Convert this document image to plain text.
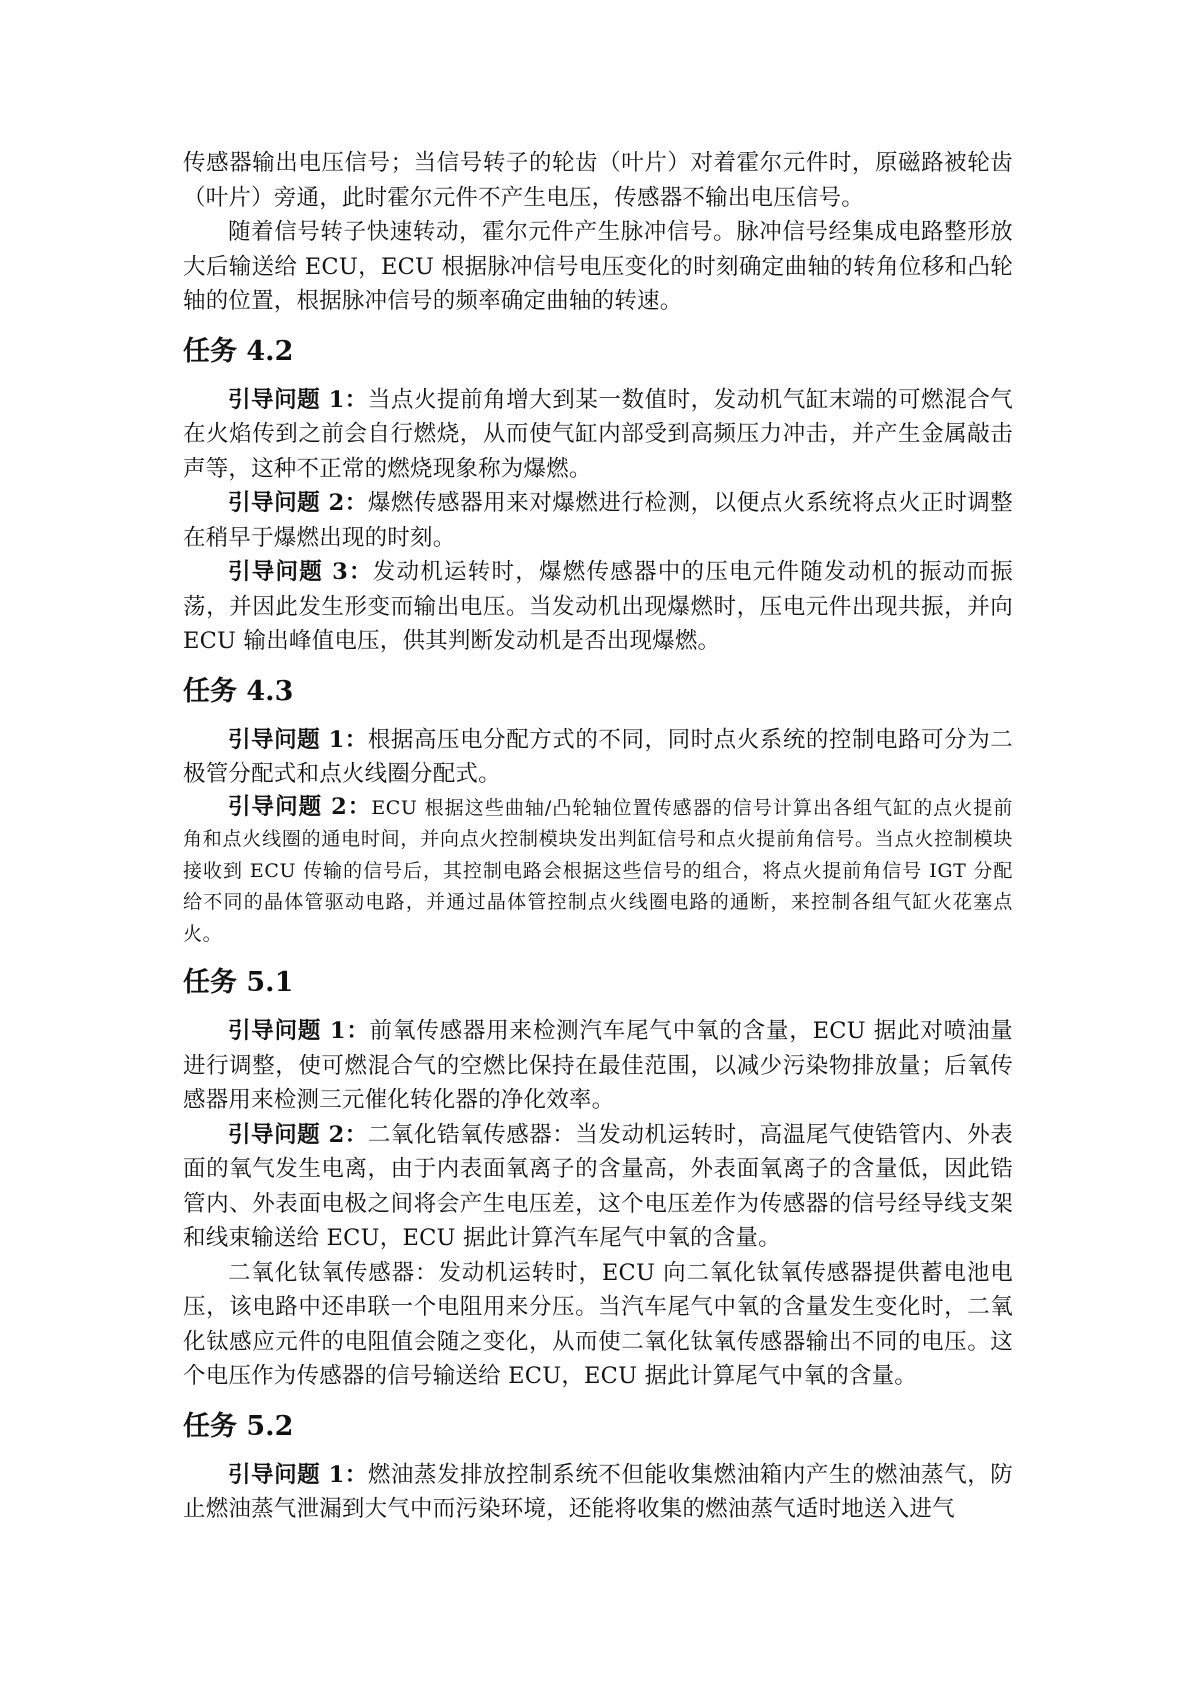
传感器输出电压信号；当信号转子的轮齿（叶片）对着霍尔元件时，原磁路被轮齿（叶片）旁通，此时霍尔元件不产生电压，传感器不输出电压信号。

随着信号转子快速转动，霍尔元件产生脉冲信号。脉冲信号经集成电路整形放大后输送给 ECU，ECU 根据脉冲信号电压变化的时刻确定曲轴的转角位移和凸轮轴的位置，根据脉冲信号的频率确定曲轴的转速。

任务 4.2

引导问题 1：当点火提前角增大到某一数值时，发动机气缸末端的可燃混合气在火焰传到之前会自行燃烧，从而使气缸内部受到高频压力冲击，并产生金属敲击声等，这种不正常的燃烧现象称为爆燃。

引导问题 2：爆燃传感器用来对爆燃进行检测，以便点火系统将点火正时调整在稍早于爆燃出现的时刻。

引导问题 3：发动机运转时，爆燃传感器中的压电元件随发动机的振动而振荡，并因此发生形变而输出电压。当发动机出现爆燃时，压电元件出现共振，并向 ECU 输出峰值电压，供其判断发动机是否出现爆燃。

任务 4.3

引导问题 1：根据高压电分配方式的不同，同时点火系统的控制电路可分为二极管分配式和点火线圈分配式。

引导问题 2：ECU 根据这些曲轴/凸轮轴位置传感器的信号计算出各组气缸的点火提前角和点火线圈的通电时间，并向点火控制模块发出判缸信号和点火提前角信号。当点火控制模块接收到 ECU 传输的信号后，其控制电路会根据这些信号的组合，将点火提前角信号 IGT 分配给不同的晶体管驱动电路，并通过晶体管控制点火线圈电路的通断，来控制各组气缸火花塞点火。

任务 5.1

引导问题 1：前氧传感器用来检测汽车尾气中氧的含量，ECU 据此对喷油量进行调整，使可燃混合气的空燃比保持在最佳范围，以减少污染物排放量；后氧传感器用来检测三元催化转化器的净化效率。

引导问题 2：二氧化锆氧传感器：当发动机运转时，高温尾气使锆管内、外表面的氧气发生电离，由于内表面氧离子的含量高，外表面氧离子的含量低，因此锆管内、外表面电极之间将会产生电压差，这个电压差作为传感器的信号经导线支架和线束输送给 ECU，ECU 据此计算汽车尾气中氧的含量。

二氧化钛氧传感器：发动机运转时，ECU 向二氧化钛氧传感器提供蓄电池电压，该电路中还串联一个电阻用来分压。当汽车尾气中氧的含量发生变化时，二氧化钛感应元件的电阻值会随之变化，从而使二氧化钛氧传感器输出不同的电压。这个电压作为传感器的信号输送给 ECU，ECU 据此计算尾气中氧的含量。

任务 5.2

引导问题 1：燃油蒸发排放控制系统不但能收集燃油箱内产生的燃油蒸气，防止燃油蒸气泄漏到大气中而污染环境，还能将收集的燃油蒸气适时地送入进气
